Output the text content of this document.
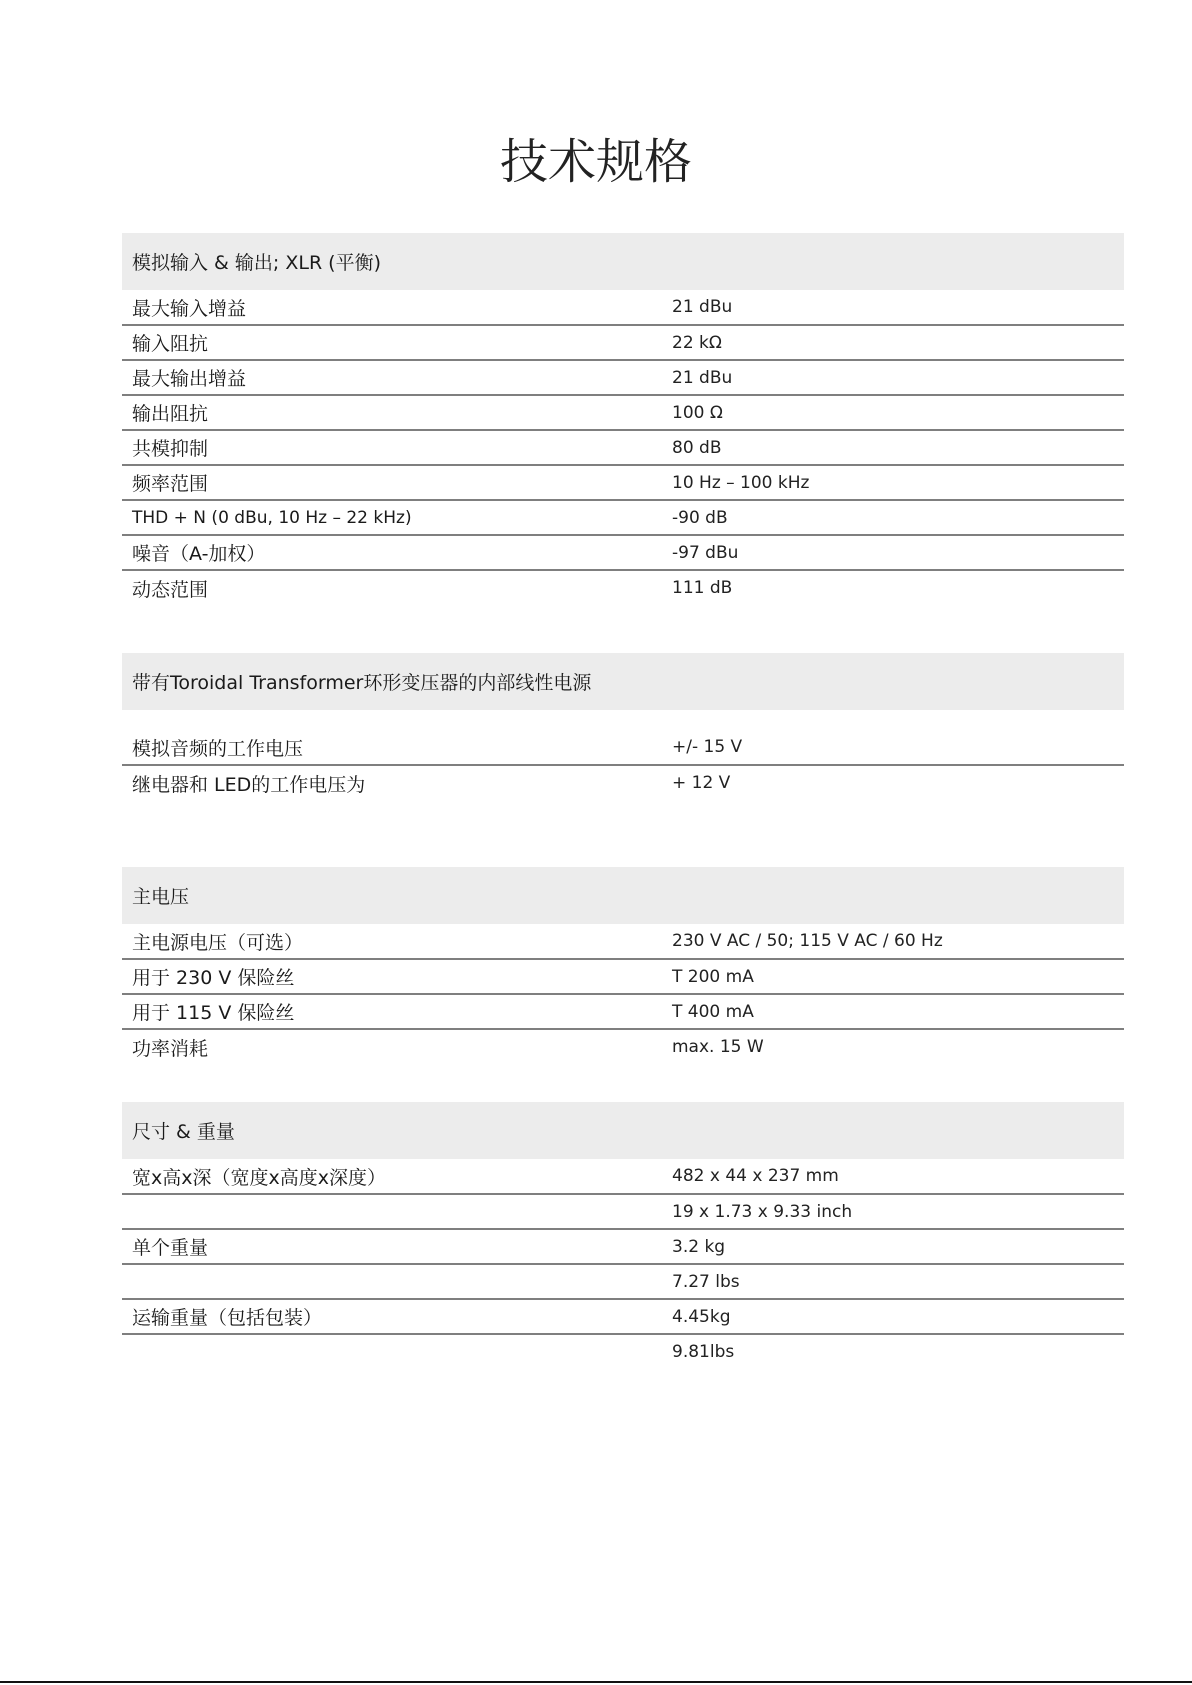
技术规格
模拟输入 & 输出; XLR (平衡)
最大输入增益	21 dBu
输入阻抗	22 kΩ
最大输出增益	21 dBu
输出阻抗	100 Ω
共模抑制	80 dB
频率范围	10 Hz – 100 kHz
THD + N (0 dBu, 10 Hz – 22 kHz)	-90 dB
噪音（A-加权）	-97 dBu
动态范围	111 dB
带有Toroidal Transformer环形变压器的内部线性电源
模拟音频的工作电压	+/- 15 V
继电器和 LED的工作电压为	+ 12 V
主电压
主电源电压（可选）	230 V AC / 50; 115 V AC / 60 Hz
用于 230 V 保险丝	T 200 mA
用于 115 V 保险丝	T 400 mA
功率消耗	max. 15 W
尺寸 & 重量
宽x高x深（宽度x高度x深度）	482 x 44 x 237 mm
	19 x 1.73 x 9.33 inch
单个重量	3.2 kg
	7.27 lbs
运输重量（包括包装）	4.45kg
	9.81lbs
